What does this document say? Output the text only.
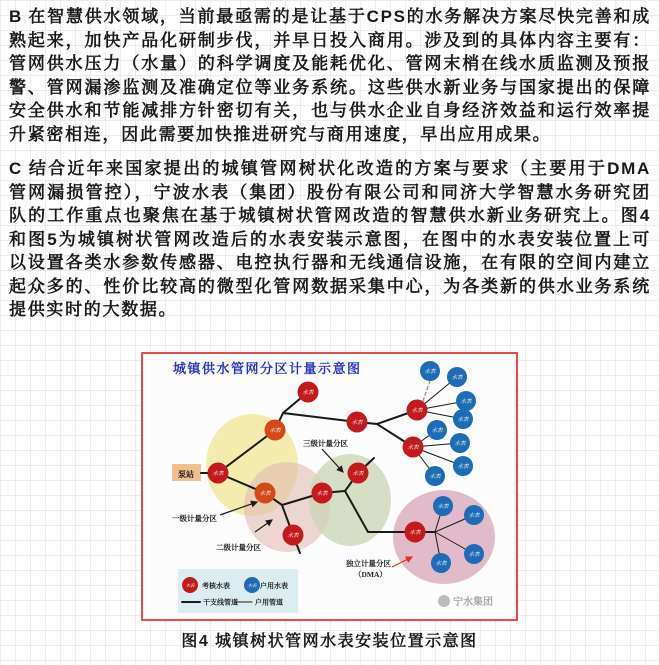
B 在智慧供水领域，当前最亟需的是让基于CPS的水务解决方案尽快完善和成熟起来，加快产品化研制步伐，并早日投入商用。涉及到的具体内容主要有：管网供水压力（水量）的科学调度及能耗优化、管网末梢在线水质监测及预报警、管网漏渗监测及准确定位等业务系统。这些供水新业务与国家提出的保障安全供水和节能减排方针密切有关，也与供水企业自身经济效益和运行效率提升紧密相连，因此需要加快推进研究与商用速度，早出应用成果。

C 结合近年来国家提出的城镇管网树状化改造的方案与要求（主要用于DMA管网漏损管控），宁波水表（集团）股份有限公司和同济大学智慧水务研究团队的工作重点也聚焦在基于城镇树状管网改造的智慧供水新业务研究上。图4和图5为城镇树状管网改造后的水表安装示意图，在图中的水表安装位置上可以设置各类水参数传感器、电控执行器和无线通信设施，在有限的空间内建立起众多的、性价比较高的微型化管网数据采集中心，为各类新的供水业务系统提供实时的大数据。

水表
水表
水表
水表
水表	水表
水表
水表
水表
水表
水表
水表
水表
水表
水表
水表
水表
水表
水表
水表
水表
水表
水表
水表	水表
城镇供水管网分区计量示意图
泵站
三级计量分区
一级计量分区
二级计量分区
独立计量分区
（DMA）
考核水表	户用水表
干支线管道 户用管道	宁水集团
图4 城镇树状管网水表安装位置示意图
